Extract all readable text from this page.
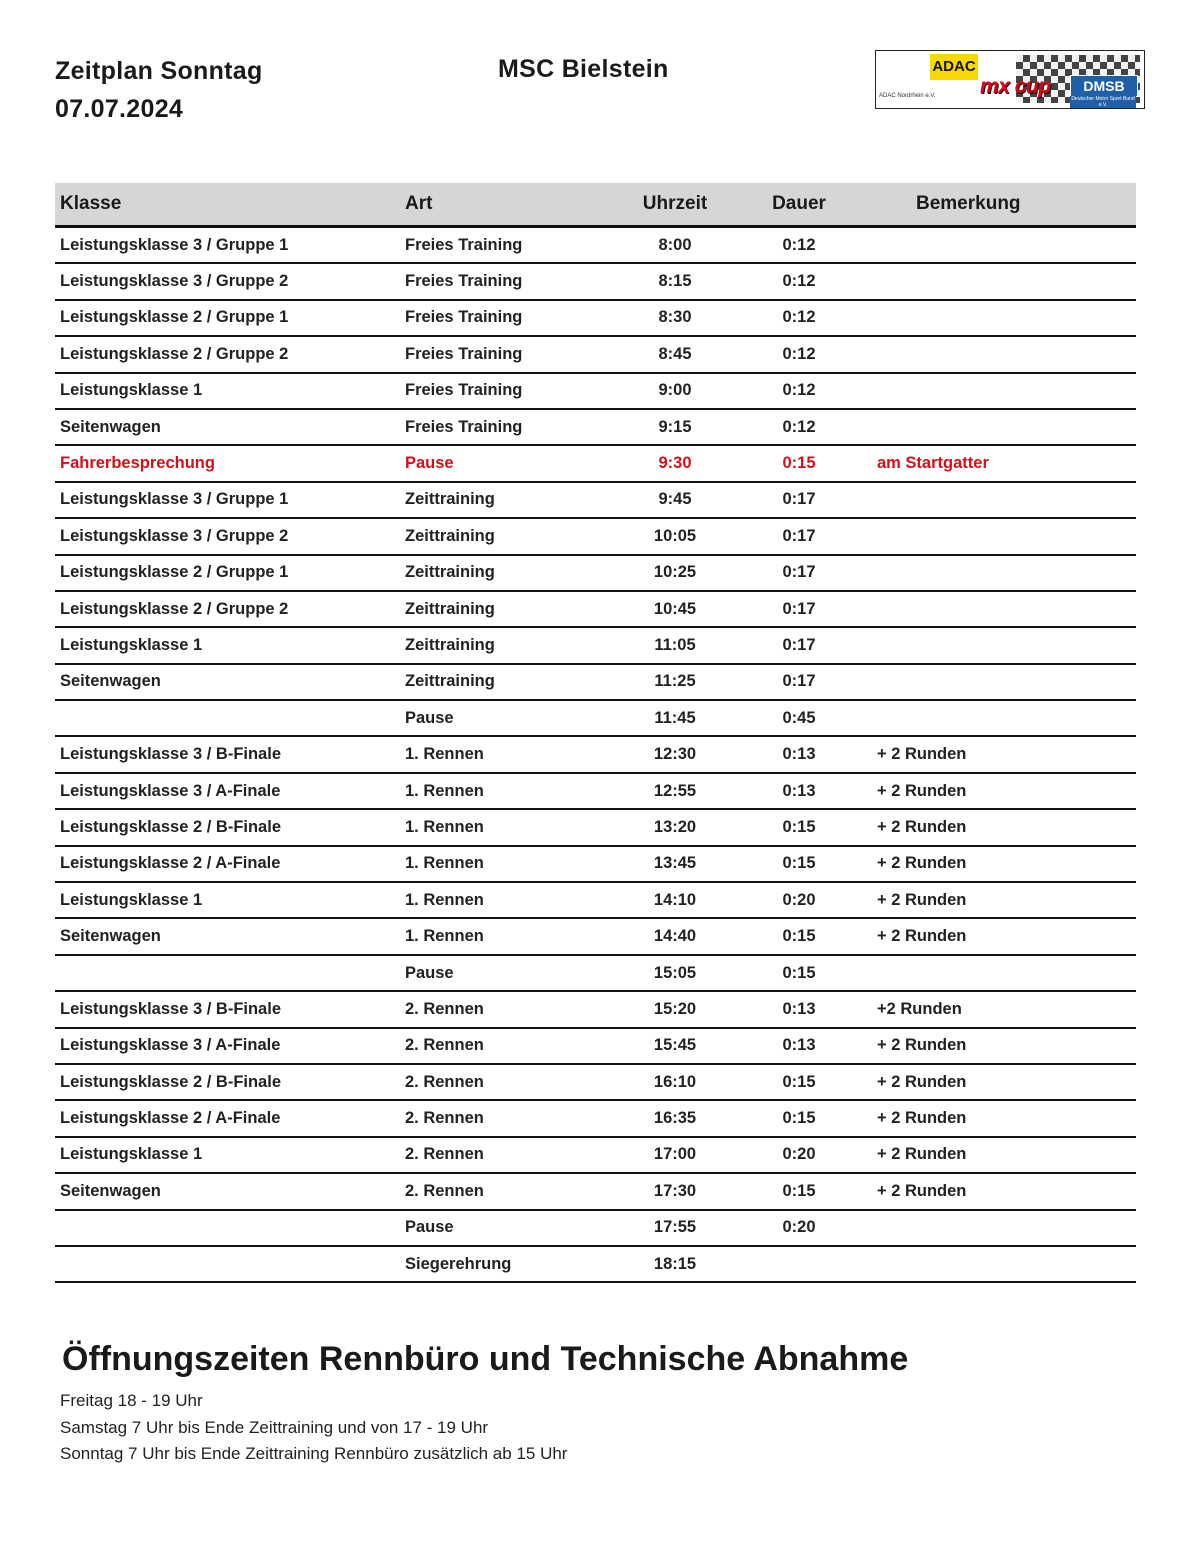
Zeitplan Sonntag
07.07.2024
MSC Bielstein	ADAC
ADAC Nordrhein e.V. mx cup	DMSB
Deutscher Motor Sport Bund e.V.
Klasse	Art	Uhrzeit	Dauer	Bemerkung
Leistungsklasse 3 / Gruppe 1	Freies Training	8:00	0:12	
Leistungsklasse 3 / Gruppe 2	Freies Training	8:15	0:12	
Leistungsklasse 2 / Gruppe 1	Freies Training	8:30	0:12	
Leistungsklasse 2 / Gruppe 2	Freies Training	8:45	0:12	
Leistungsklasse 1	Freies Training	9:00	0:12	
Seitenwagen	Freies Training	9:15	0:12	
Fahrerbesprechung	Pause	9:30	0:15	am Startgatter
Leistungsklasse 3 / Gruppe 1	Zeittraining	9:45	0:17	
Leistungsklasse 3 / Gruppe 2	Zeittraining	10:05	0:17	
Leistungsklasse 2 / Gruppe 1	Zeittraining	10:25	0:17	
Leistungsklasse 2 / Gruppe 2	Zeittraining	10:45	0:17	
Leistungsklasse 1	Zeittraining	11:05	0:17	
Seitenwagen	Zeittraining	11:25	0:17	
	Pause	11:45	0:45	
Leistungsklasse 3 / B-Finale	1. Rennen	12:30	0:13	+ 2 Runden
Leistungsklasse 3 / A-Finale	1. Rennen	12:55	0:13	+ 2 Runden
Leistungsklasse 2 / B-Finale	1. Rennen	13:20	0:15	+ 2 Runden
Leistungsklasse 2 / A-Finale	1. Rennen	13:45	0:15	+ 2 Runden
Leistungsklasse 1	1. Rennen	14:10	0:20	+ 2 Runden
Seitenwagen	1. Rennen	14:40	0:15	+ 2 Runden
	Pause	15:05	0:15	
Leistungsklasse 3 / B-Finale	2. Rennen	15:20	0:13	+2 Runden
Leistungsklasse 3 / A-Finale	2. Rennen	15:45	0:13	+ 2 Runden
Leistungsklasse 2 / B-Finale	2. Rennen	16:10	0:15	+ 2 Runden
Leistungsklasse 2 / A-Finale	2. Rennen	16:35	0:15	+ 2 Runden
Leistungsklasse 1	2. Rennen	17:00	0:20	+ 2 Runden
Seitenwagen	2. Rennen	17:30	0:15	+ 2 Runden
	Pause	17:55	0:20	
	Siegerehrung	18:15		
Öffnungszeiten Rennbüro und Technische Abnahme
Freitag 18 - 19 Uhr
Samstag 7 Uhr bis Ende Zeittraining und von 17 - 19 Uhr
Sonntag 7 Uhr bis Ende Zeittraining Rennbüro zusätzlich ab 15 Uhr
